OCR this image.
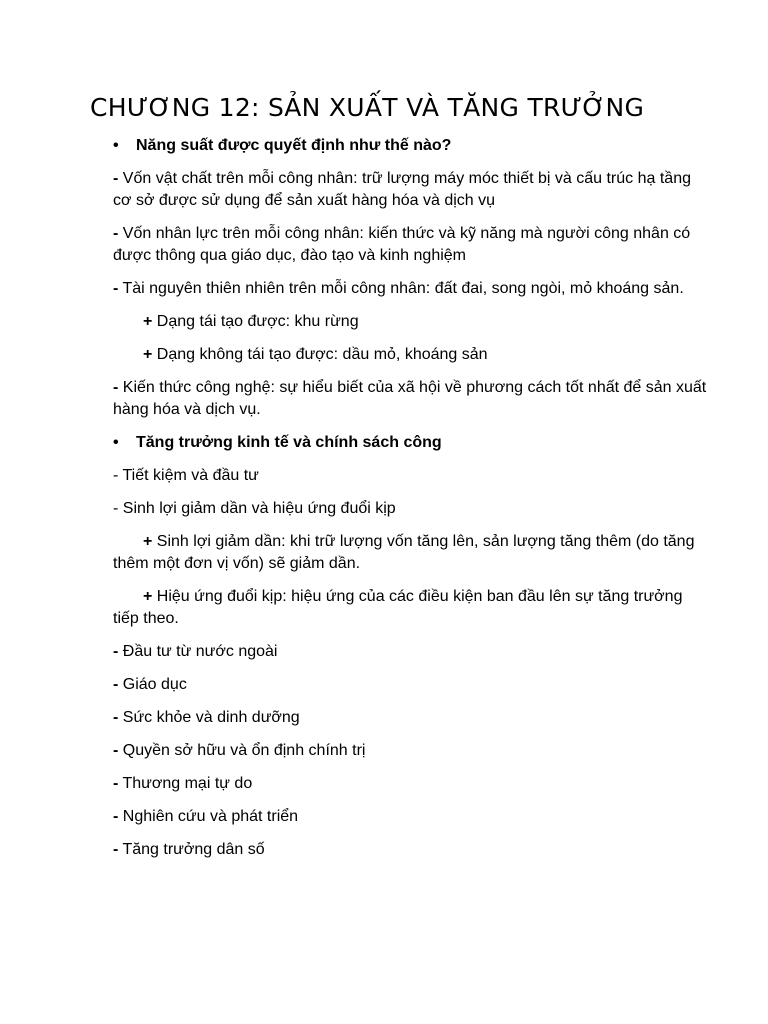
CHƯƠNG 12: SẢN XUẤT VÀ TĂNG TRƯỞNG
• Năng suất được quyết định như thế nào?

- Vốn vật chất trên mỗi công nhân: trữ lượng máy móc thiết bị và cấu trúc hạ tầng cơ sở được sử dụng để sản xuất hàng hóa và dịch vụ

- Vốn nhân lực trên mỗi công nhân: kiến thức và kỹ năng mà người công nhân có được thông qua giáo dục, đào tạo và kinh nghiệm

- Tài nguyên thiên nhiên trên mỗi công nhân: đất đai, song ngòi, mỏ khoáng sản.

+ Dạng tái tạo được: khu rừng

+ Dạng không tái tạo được: dầu mỏ, khoáng sản

- Kiến thức công nghệ: sự hiểu biết của xã hội về phương cách tốt nhất để sản xuất hàng hóa và dịch vụ.

• Tăng trưởng kinh tế và chính sách công

- Tiết kiệm và đầu tư

- Sinh lợi giảm dần và hiệu ứng đuổi kịp

+ Sinh lợi giảm dần: khi trữ lượng vốn tăng lên, sản lượng tăng thêm (do tăng thêm một đơn vị vốn) sẽ giảm dần.

+ Hiệu ứng đuổi kịp: hiệu ứng của các điều kiện ban đầu lên sự tăng trưởng tiếp theo.

- Đầu tư từ nước ngoài

- Giáo dục

- Sức khỏe và dinh dưỡng

- Quyền sở hữu và ổn định chính trị

- Thương mại tự do

- Nghiên cứu và phát triển

- Tăng trưởng dân số
